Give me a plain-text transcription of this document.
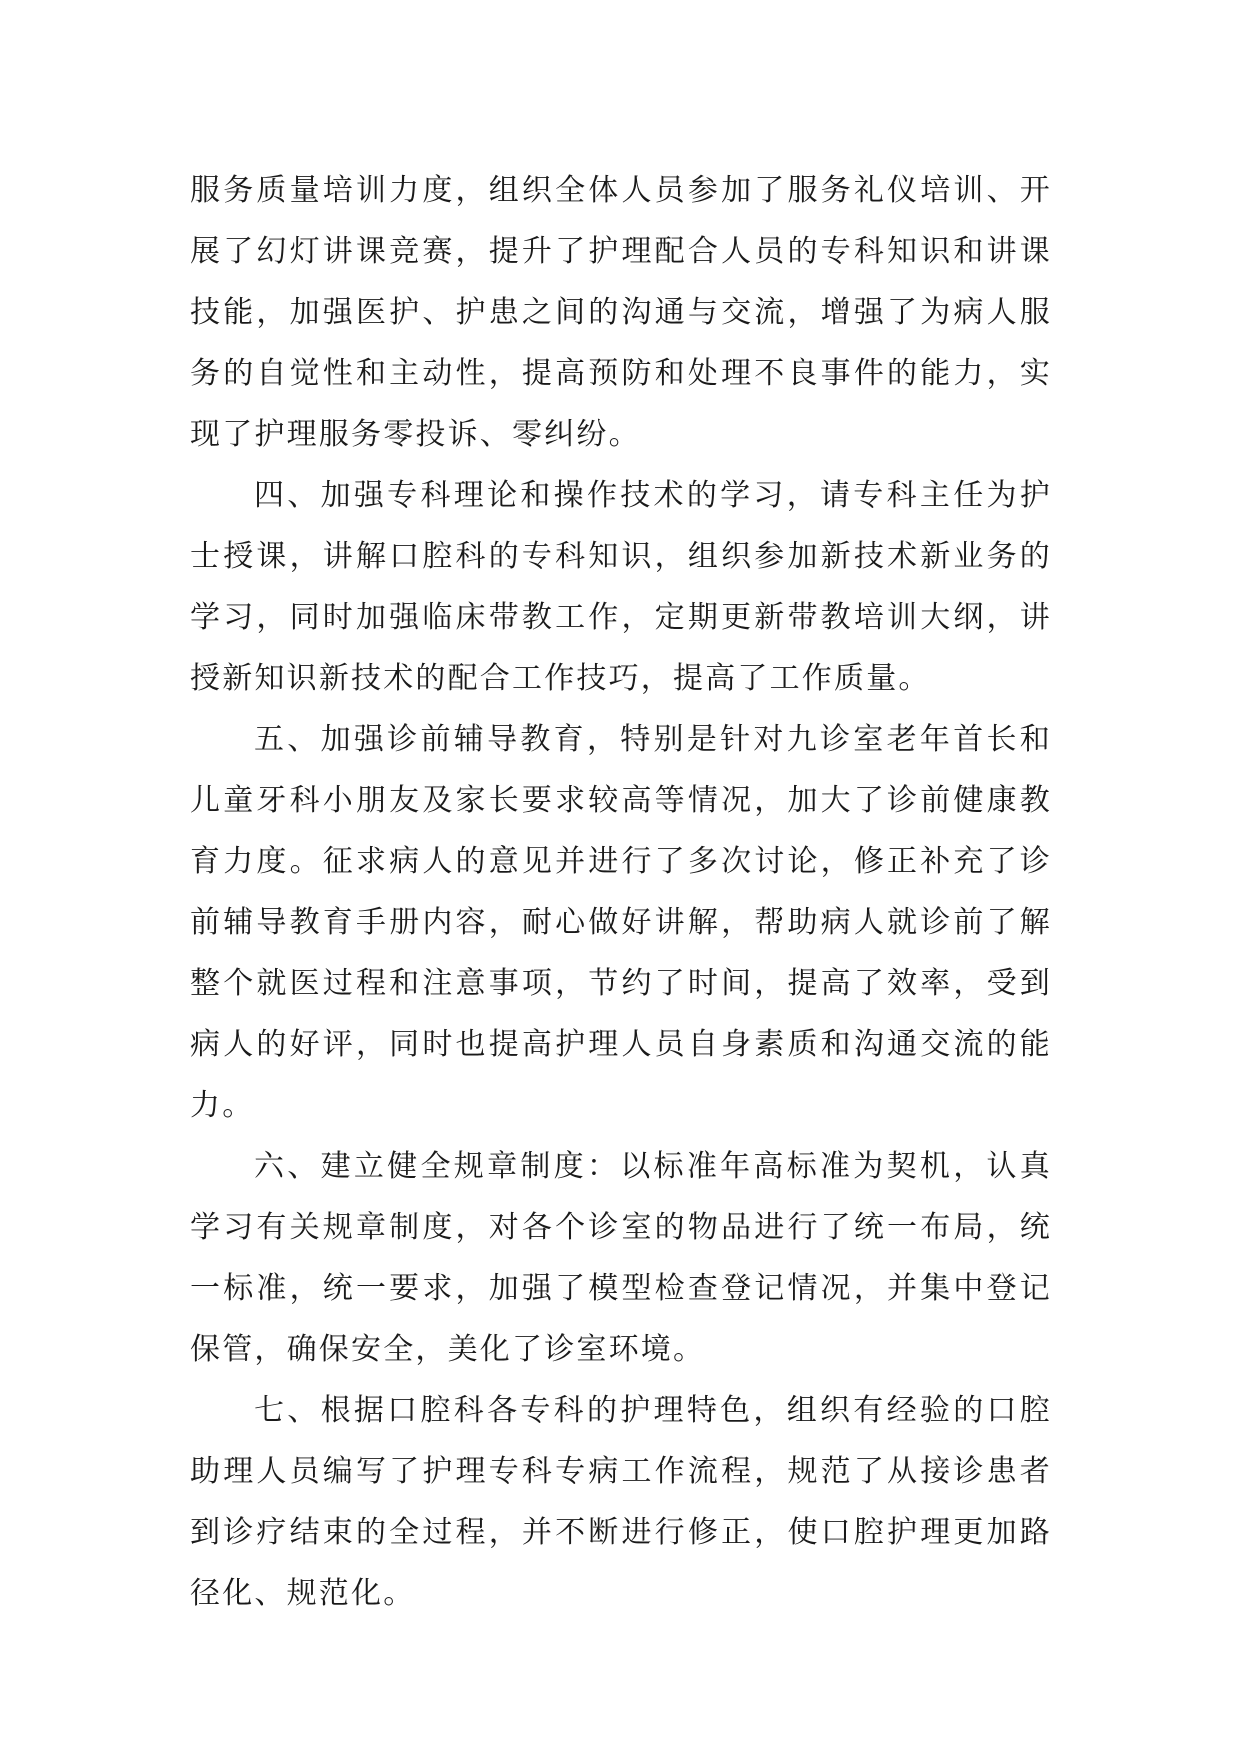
服务质量培训力度，组织全体人员参加了服务礼仪培训、开展了幻灯讲课竞赛，提升了护理配合人员的专科知识和讲课技能，加强医护、护患之间的沟通与交流，增强了为病人服务的自觉性和主动性，提高预防和处理不良事件的能力，实现了护理服务零投诉、零纠纷。

四、加强专科理论和操作技术的学习，请专科主任为护士授课，讲解口腔科的专科知识，组织参加新技术新业务的学习，同时加强临床带教工作，定期更新带教培训大纲，讲授新知识新技术的配合工作技巧，提高了工作质量。

五、加强诊前辅导教育，特别是针对九诊室老年首长和儿童牙科小朋友及家长要求较高等情况，加大了诊前健康教育力度。征求病人的意见并进行了多次讨论，修正补充了诊前辅导教育手册内容，耐心做好讲解，帮助病人就诊前了解整个就医过程和注意事项，节约了时间，提高了效率，受到病人的好评，同时也提高护理人员自身素质和沟通交流的能力。

六、建立健全规章制度：以标准年高标准为契机，认真学习有关规章制度，对各个诊室的物品进行了统一布局，统一标准，统一要求，加强了模型检查登记情况，并集中登记保管，确保安全，美化了诊室环境。

七、根据口腔科各专科的护理特色，组织有经验的口腔助理人员编写了护理专科专病工作流程，规范了从接诊患者到诊疗结束的全过程，并不断进行修正，使口腔护理更加路径化、规范化。
